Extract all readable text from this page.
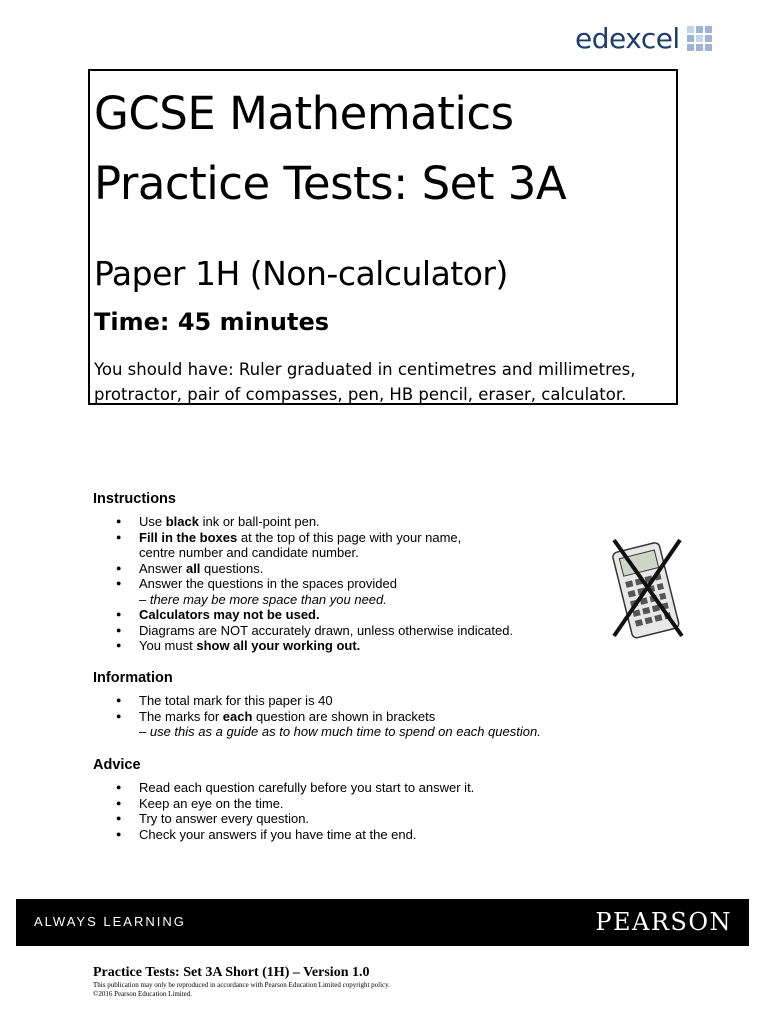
edexcel
GCSE Mathematics
Practice Tests: Set 3A
Paper 1H (Non-calculator)
Time: 45 minutes
You should have: Ruler graduated in centimetres and millimetres,
protractor, pair of compasses, pen, HB pencil, eraser, calculator.
Instructions
● Use black ink or ball-point pen.
● Fill in the boxes at the top of this page with your name,
centre number and candidate number.
● Answer all questions.
● Answer the questions in the spaces provided
– there may be more space than you need.
● Calculators may not be used.
● Diagrams are NOT accurately drawn, unless otherwise indicated.
● You must show all your working out.
Information
● The total mark for this paper is 40
● The marks for each question are shown in brackets
– use this as a guide as to how much time to spend on each question.
Advice
● Read each question carefully before you start to answer it.
● Keep an eye on the time.
● Try to answer every question.
● Check your answers if you have time at the end.
ALWAYS LEARNING	PEARSON
Practice Tests: Set 3A Short (1H) – Version 1.0
This publication may only be reproduced in accordance with Pearson Education Limited copyright policy.
©2016 Pearson Education Limited.
